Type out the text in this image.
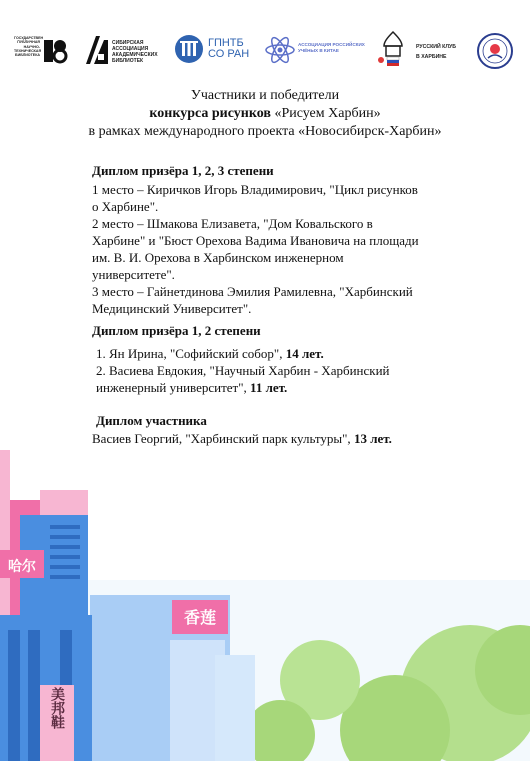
ГОСУДАРСТВЕН
ПУБЛИЧНАЯ
НАУЧНО-
ТЕХНИЧЕСКАЯ
БИБЛИОТЕКА
СИБИРСКАЯ
АССОЦИАЦИЯ
АКАДЕМИЧЕСКИХ
БИБЛИОТЕК
ГПНТБ
СО РАН
АССОЦИАЦИЯ РОССИЙСКИХ
УЧЁНЫХ В КИТАЕ
РУССКИЙ КЛУБ
В ХАРБИНЕ
Участники и победители
конкурса рисунков «Рисуем Харбин»
в рамках международного проекта «Новосибирск-Харбин»
Диплом призёра 1, 2, 3 степени
1 место – Киричков Игорь Владимирович, "Цикл рисунков
о Харбине".
2 место – Шмакова Елизавета, "Дом Ковальского в
Харбине" и "Бюст Орехова Вадима Ивановича на площади
им. В. И. Орехова в Харбинском инженерном
университете".
3 место – Гайнетдинова Эмилия Рамилевна, "Харбинский
Медицинский Университет".
Диплом призёра 1, 2 степени
1. Ян Ирина, "Софийский собор", 14 лет.
2. Васиева Евдокия, "Научный Харбин - Харбинский
инженерный университет", 11 лет.
Диплом участника
Васиев Георгий, "Харбинский парк культуры", 13 лет.
香莲
哈尔
美邦鞋
